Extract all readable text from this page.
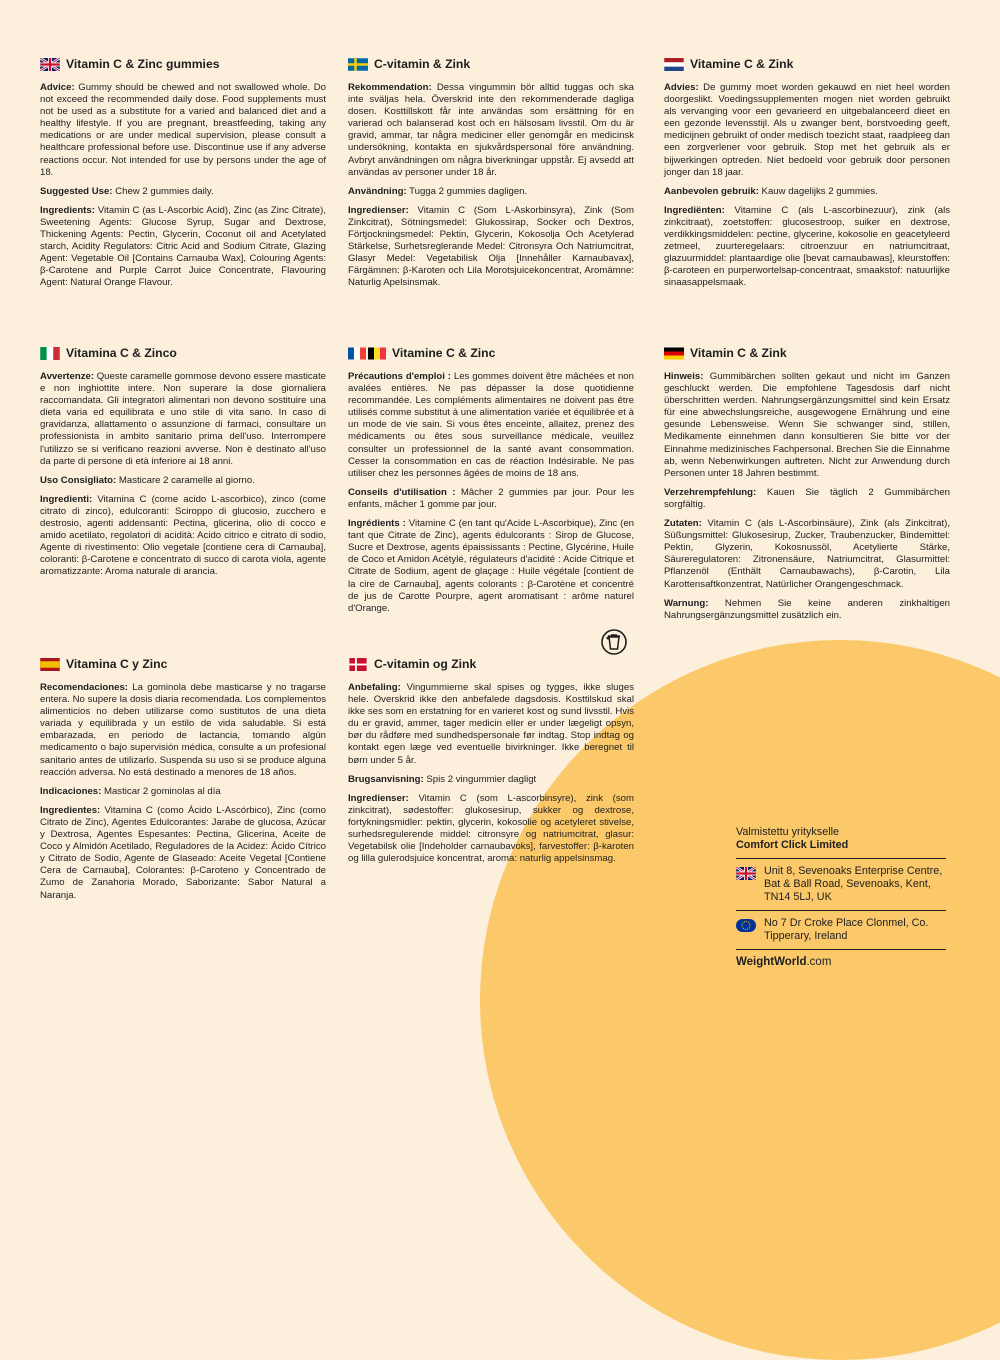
Vitamin C & Zinc gummies

Advice: Gummy should be chewed and not swallowed whole. Do not exceed the recommended daily dose. Food supplements must not be used as a substitute for a varied and balanced diet and a healthy lifestyle. If you are pregnant, breastfeeding, taking any medications or are under medical supervision, please consult a healthcare professional before use. Discontinue use if any adverse reactions occur. Not intended for use by persons under the age of 18.

Suggested Use: Chew 2 gummies daily.

Ingredients: Vitamin C (as L-Ascorbic Acid), Zinc (as Zinc Citrate), Sweetening Agents: Glucose Syrup, Sugar and Dextrose, Thickening Agents: Pectin, Glycerin, Coconut oil and Acetylated starch, Acidity Regulators: Citric Acid and Sodium Citrate, Glazing Agent: Vegetable Oil [Contains Carnauba Wax], Colouring Agents: β-Carotene and Purple Carrot Juice Concentrate, Flavouring Agent: Natural Orange Flavour.

C-vitamin & Zink

Rekommendation: Dessa vingummin bör alltid tuggas och ska inte sväljas hela. Överskrid inte den rekommenderade dagliga dosen. Kosttillskott får inte användas som ersättning för en varierad och balanserad kost och en hälsosam livsstil. Om du är gravid, ammar, tar några mediciner eller genomgår en medicinsk undersökning, kontakta en sjukvårdspersonal före användning. Avbryt användningen om några biverkningar uppstår. Ej avsedd att användas av personer under 18 år.

Användning: Tugga 2 gummies dagligen.

Ingredienser: Vitamin C (Som L-Askorbinsyra), Zink (Som Zinkcitrat), Sötningsmedel: Glukossirap, Socker och Dextros, Förtjockningsmedel: Pektin, Glycerin, Kokosolja Och Acetylerad Stärkelse, Surhetsreglerande Medel: Citronsyra Och Natriumcitrat, Glasyr Medel: Vegetabilisk Olja [Innehåller Karnaubavax], Färgämnen: β-Karoten och Lila Morotsjuicekoncentrat, Aromämne: Naturlig Apelsinsmak.

Vitamine C & Zink

Advies: De gummy moet worden gekauwd en niet heel worden doorgeslikt. Voedingssupplementen mogen niet worden gebruikt als vervanging voor een gevarieerd en uitgebalanceerd dieet en een gezonde levensstijl. Als u zwanger bent, borstvoeding geeft, medicijnen gebruikt of onder medisch toezicht staat, raadpleeg dan een zorgverlener voor gebruik. Stop met het gebruik als er bijwerkingen optreden. Niet bedoeld voor gebruik door personen jonger dan 18 jaar.

Aanbevolen gebruik: Kauw dagelijks 2 gummies.

Ingrediënten: Vitamine C (als L-ascorbinezuur), zink (als zinkcitraat), zoetstoffen: glucosestroop, suiker en dextrose, verdikkingsmiddelen: pectine, glycerine, kokosolie en geacetyleerd zetmeel, zuurteregelaars: citroenzuur en natriumcitraat, glazuurmiddel: plantaardige olie [bevat carnaubawas], kleurstoffen: β-caroteen en purperwortelsap-concentraat, smaakstof: natuurlijke sinaasappelsmaak.

Vitamina C & Zinco

Avvertenze: Queste caramelle gommose devono essere masticate e non inghiottite intere. Non superare la dose giornaliera raccomandata. Gli integratori alimentari non devono sostituire una dieta varia ed equilibrata e uno stile di vita sano. In caso di gravidanza, allattamento o assunzione di farmaci, consultare un professionista in ambito sanitario prima dell'uso. Interrompere l'utilizzo se si verificano reazioni avverse. Non è destinato all'uso da parte di persone di età inferiore ai 18 anni.

Uso Consigliato: Masticare 2 caramelle al giorno.

Ingredienti: Vitamina C (come acido L-ascorbico), zinco (come citrato di zinco), edulcoranti: Sciroppo di glucosio, zucchero e destrosio, agenti addensanti: Pectina, glicerina, olio di cocco e amido acetilato, regolatori di acidità: Acido citrico e citrato di sodio, Agente di rivestimento: Olio vegetale [contiene cera di Carnauba], coloranti: β-Carotene e concentrato di succo di carota viola, agente aromatizzante: Aroma naturale di arancia.

Vitamine C & Zinc

Précautions d'emploi : Les gommes doivent être mâchées et non avalées entières. Ne pas dépasser la dose quotidienne recommandée. Les compléments alimentaires ne doivent pas être utilisés comme substitut à une alimentation variée et équilibrée et à un mode de vie sain. Si vous êtes enceinte, allaitez, prenez des médicaments ou êtes sous surveillance médicale, veuillez consulter un professionnel de la santé avant consommation. Cesser la consommation en cas de réaction Indésirable. Ne pas utiliser chez les personnes âgées de moins de 18 ans.

Conseils d'utilisation : Mâcher 2 gummies par jour. Pour les enfants, mâcher 1 gomme par jour.

Ingrédients : Vitamine C (en tant qu'Acide L-Ascorbique), Zinc (en tant que Citrate de Zinc), agents édulcorants : Sirop de Glucose, Sucre et Dextrose, agents épaississants : Pectine, Glycérine, Huile de Coco et Amidon Acétylé, régulateurs d'acidité : Acide Citrique et Citrate de Sodium, agent de glaçage : Huile végétale [contient de la cire de Carnauba], agents colorants : β-Carotène et concentré de jus de Carotte Pourpre, agent aromatisant : arôme naturel d'Orange.

Vitamin C & Zink

Hinweis: Gummibärchen sollten gekaut und nicht im Ganzen geschluckt werden. Die empfohlene Tagesdosis darf nicht überschritten werden. Nahrungsergänzungsmittel sind kein Ersatz für eine abwechslungsreiche, ausgewogene Ernährung und eine gesunde Lebensweise. Wenn Sie schwanger sind, stillen, Medikamente einnehmen dann konsultieren Sie bitte vor der Einnahme medizinisches Fachpersonal. Brechen Sie die Einnahme ab, wenn Nebenwirkungen auftreten. Nicht zur Anwendung durch Personen unter 18 Jahren bestimmt.

Verzehrempfehlung: Kauen Sie täglich 2 Gummibärchen sorgfältig.

Zutaten: Vitamin C (als L-Ascorbinsäure), Zink (als Zinkcitrat), Süßungsmittel: Glukosesirup, Zucker, Traubenzucker, Bindemittel: Pektin, Glyzerin, Kokosnussöl, Acetylierte Stärke, Säureregulatoren: Zitronensäure, Natriumcitrat, Glasurmittel: Pflanzenöl (Enthält Carnaubawachs), β-Carotin, Lila Karottensaftkonzentrat, Natürlicher Orangengeschmack.

Warnung: Nehmen Sie keine anderen zinkhaltigen Nahrungsergänzungsmittel zusätzlich ein.

Vitamina C y Zinc

Recomendaciones: La gominola debe masticarse y no tragarse entera. No supere la dosis diaria recomendada. Los complementos alimenticios no deben utilizarse como sustitutos de una dieta variada y equilibrada y un estilo de vida saludable. Si está embarazada, en periodo de lactancia, tomando algún medicamento o bajo supervisión médica, consulte a un profesional sanitario antes de utilizarlo. Suspenda su uso si se produce alguna reacción adversa. No está destinado a menores de 18 años.

Indicaciones: Masticar 2 gominolas al día

Ingredientes: Vitamina C (como Ácido L-Ascórbico), Zinc (como Citrato de Zinc), Agentes Edulcorantes: Jarabe de glucosa, Azúcar y Dextrosa, Agentes Espesantes: Pectina, Glicerina, Aceite de Coco y Almidón Acetilado, Reguladores de la Acidez: Ácido Cítrico y Citrato de Sodio, Agente de Glaseado: Aceite Vegetal [Contiene Cera de Carnauba], Colorantes: β-Caroteno y Concentrado de Zumo de Zanahoria Morado, Saborizante: Sabor Natural a Naranja.

C-vitamin og Zink

Anbefaling: Vingummierne skal spises og tygges, ikke sluges hele. Overskrid ikke den anbefalede dagsdosis. Kosttilskud skal ikke ses som en erstatning for en varieret kost og sund livsstil. Hvis du er gravid, ammer, tager medicin eller er under lægeligt opsyn, bør du rådføre med sundhedspersonale før indtag. Stop indtag og kontakt egen læge ved eventuelle bivirkninger. Ikke beregnet til børn under 5 år.

Brugsanvisning: Spis 2 vingummier dagligt

Ingredienser: Vitamin C (som L-ascorbinsyre), zink (som zinkcitrat), sødestoffer: glukosesirup, sukker og dextrose, fortykningsmidler: pektin, glycerin, kokosolie og acetyleret stivelse, surhedsregulerende middel: citronsyre og natriumcitrat, glasur: Vegetabilsk olie [Indeholder carnaubavoks], farvestoffer: β-karoten og lilla gulerodsjuice koncentrat, aroma: naturlig appelsinsmag.

Valmistettu yritykselle
Comfort Click Limited
Unit 8, Sevenoaks Enterprise Centre, Bat & Ball Road, Sevenoaks, Kent, TN14 5LJ, UK
No 7 Dr Croke Place Clonmel, Co. Tipperary, Ireland
WeightWorld.com
